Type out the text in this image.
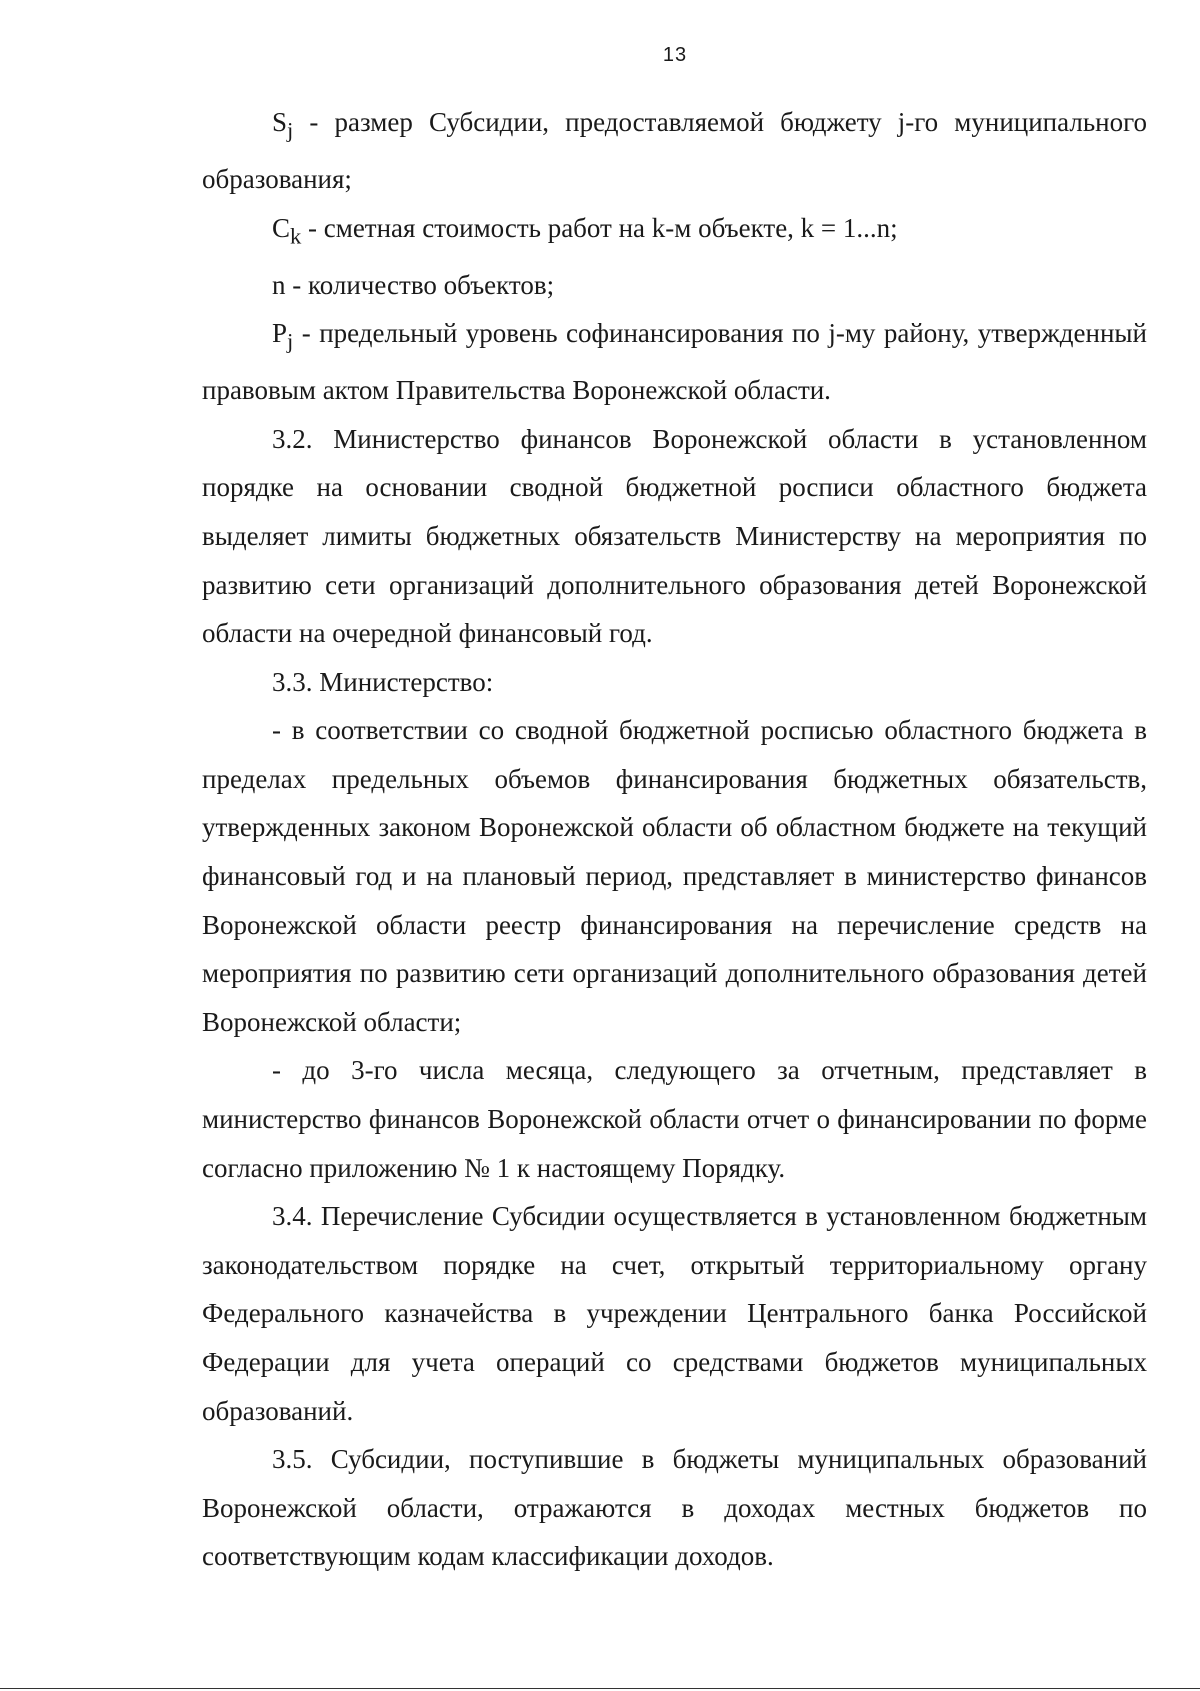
13

$S_j$ - размер Субсидии, предоставляемой бюджету j-го муниципального образования;

$C_k$ - сметная стоимость работ на k-м объекте, k = 1...n;

n - количество объектов;

$P_j$ - предельный уровень софинансирования по j-му району, утвержденный правовым актом Правительства Воронежской области.

3.2. Министерство финансов Воронежской области в установленном порядке на основании сводной бюджетной росписи областного бюджета выделяет лимиты бюджетных обязательств Министерству на мероприятия по развитию сети организаций дополнительного образования детей Воронежской области на очередной финансовый год.

3.3. Министерство:

- в соответствии со сводной бюджетной росписью областного бюджета в пределах предельных объемов финансирования бюджетных обязательств, утвержденных законом Воронежской области об областном бюджете на текущий финансовый год и на плановый период, представляет в министерство финансов Воронежской области реестр финансирования на перечисление средств на мероприятия по развитию сети организаций дополнительного образования детей Воронежской области;

- до 3-го числа месяца, следующего за отчетным, представляет в министерство финансов Воронежской области отчет о финансировании по форме согласно приложению № 1 к настоящему Порядку.

3.4. Перечисление Субсидии осуществляется в установленном бюджетным законодательством порядке на счет, открытый территориальному органу Федерального казначейства в учреждении Центрального банка Российской Федерации для учета операций со средствами бюджетов муниципальных образований.

3.5. Субсидии, поступившие в бюджеты муниципальных образований Воронежской области, отражаются в доходах местных бюджетов по соответствующим кодам классификации доходов.
